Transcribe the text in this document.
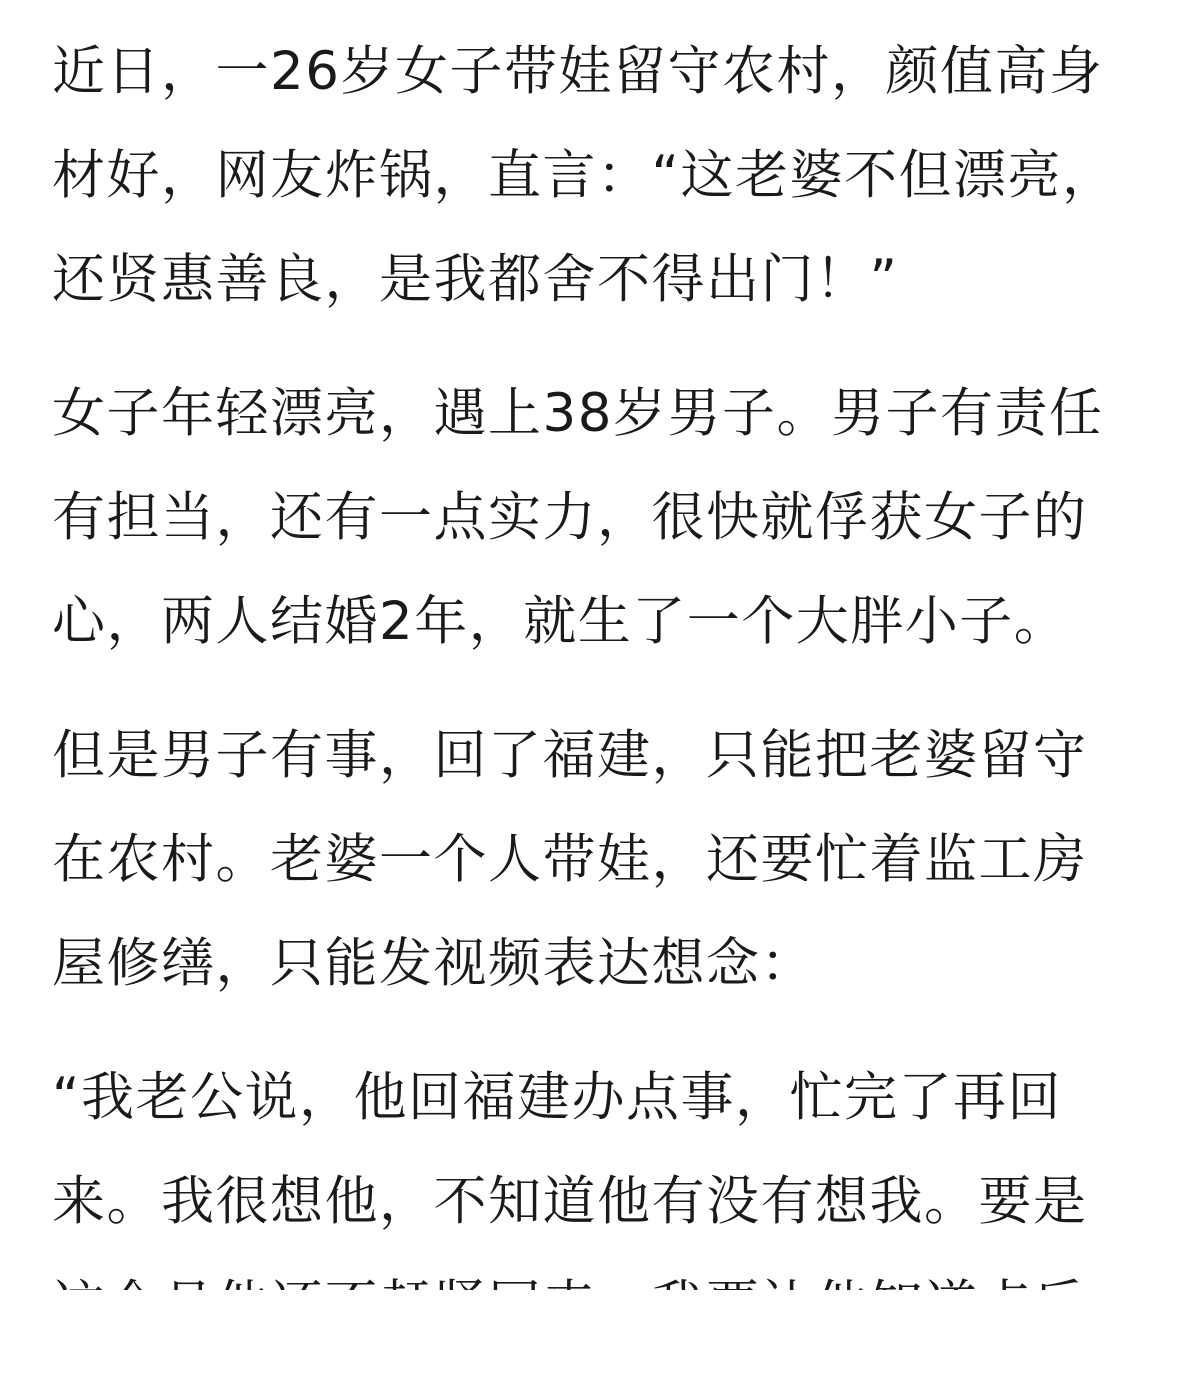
近日，一26岁女子带娃留守农村，颜值高身
材好，网友炸锅，直言：“这老婆不但漂亮，
还贤惠善良，是我都舍不得出门！”

女子年轻漂亮，遇上38岁男子。男子有责任
有担当，还有一点实力，很快就俘获女子的
心，两人结婚2年，就生了一个大胖小子。

但是男子有事，回了福建，只能把老婆留守
在农村。老婆一个人带娃，还要忙着监工房
屋修缮，只能发视频表达想念：

“我老公说，他回福建办点事，忙完了再回
来。我很想他，不知道他有没有想我。要是
